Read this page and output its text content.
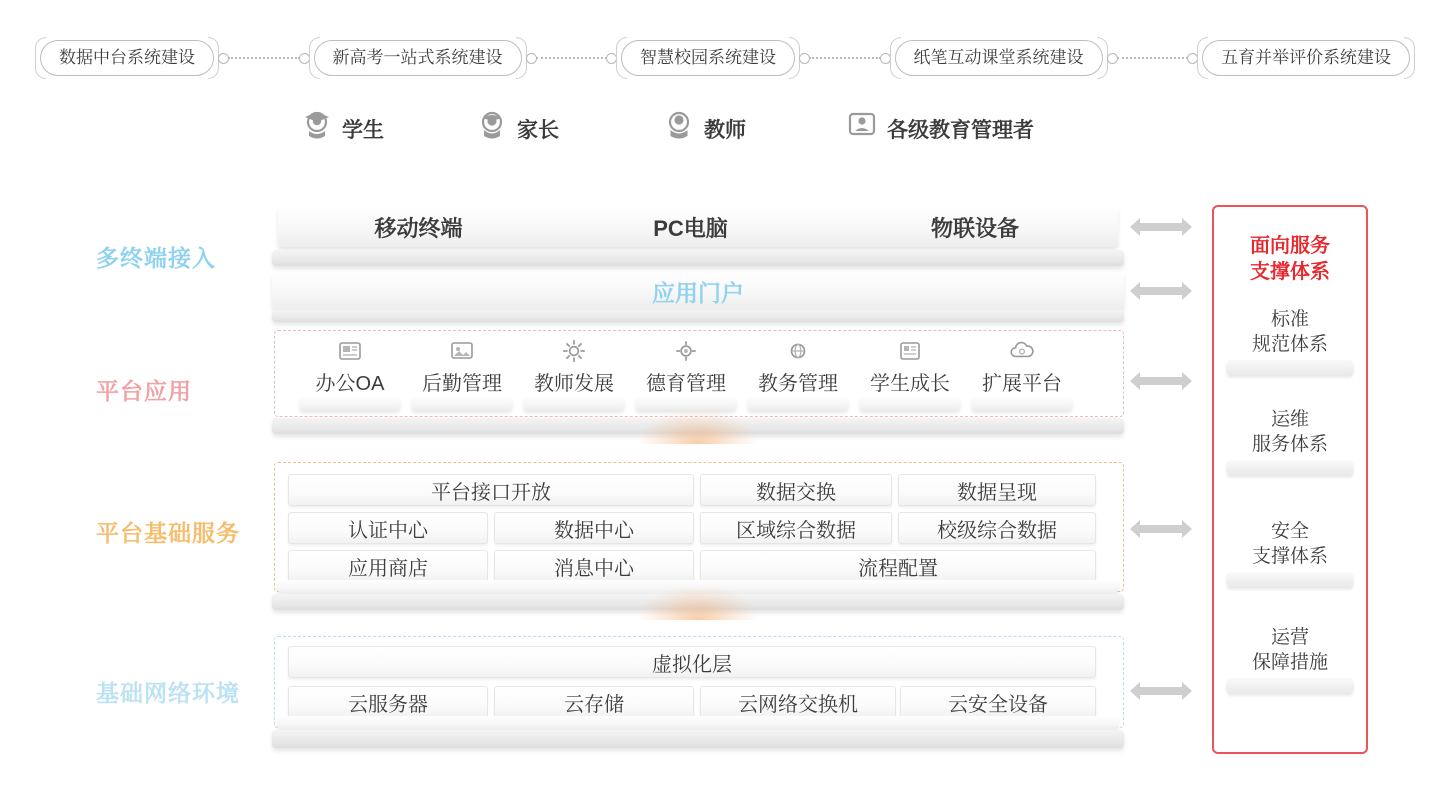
数据中台系统建设	新高考一站式系统建设	智慧校园系统建设	纸笔互动课堂系统建设	五育并举评价系统建设
学生	家长	教师	各级教育管理者
多终端接入
平台应用
平台基础服务
基础网络环境
移动终端	PC电脑	物联设备
应用门户
办公OA	后勤管理	教师发展	德育管理	教务管理	学生成长	扩展平台
平台接口开放	数据交换	数据呈现
认证中心	数据中心	区域综合数据	校级综合数据
应用商店	消息中心	流程配置
虚拟化层
云服务器	云存储	云网络交换机	云安全设备
面向服务
支撑体系
标准
规范体系
运维
服务体系
安全
支撑体系
运营
保障措施
